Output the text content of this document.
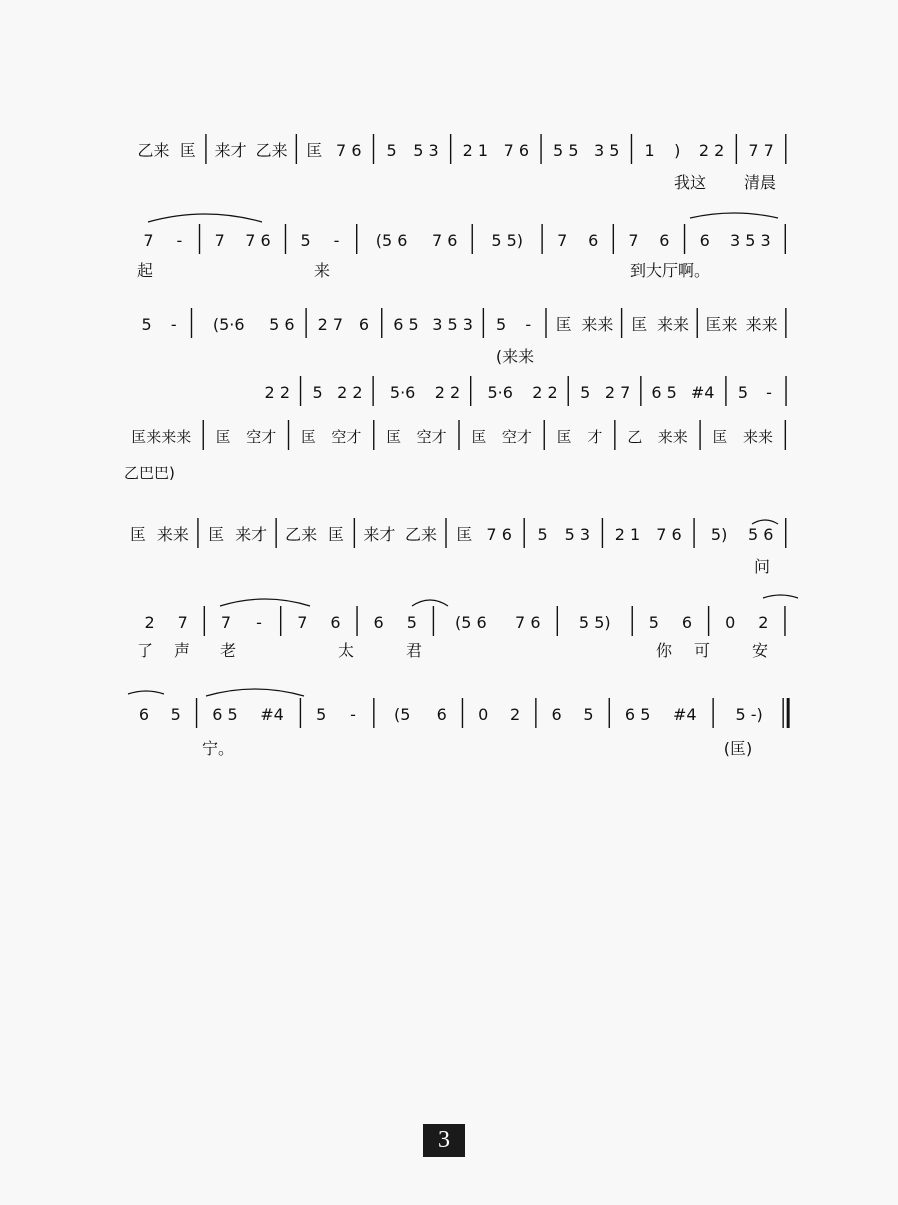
乙来 匡 来才 乙来 匡 7 6 5 5 3 2 1 7 6 5 5 3 5 1 ) 2 2 7 7
我这 清晨
7 - 7 7 6 5 - (5 6 7 6 5 5) 7 6 7 6 6 3 5 3
起	来	到大厅啊。
5 - (5·6 5 6 2 7 6 6 5 3 5 3 5 - 匡 来来 匡 来来 匡来 来来
(来来
2 2 5 2 2 5·6 2 2 5·6 2 2 5 2 7 6 5 #4 5 -
匡来来来 匡 空才 匡 空才 匡 空才 匡 空才 匡 才 乙 来来 匡 来来
乙巴巴)
匡 来来 匡 来才 乙来 匡 来才 乙来 匡 7 6 5 5 3 2 1 7 6 5) 5 6
问
2 7 7 - 7 6 6 5 (5 6 7 6 5 5) 5 6 0 2
了 声 老	太	君	你 可	安
6 5 6 5 #4 5 - (5 6 0 2 6 5 6 5 #4 5 -)
宁。	(匡)
3
